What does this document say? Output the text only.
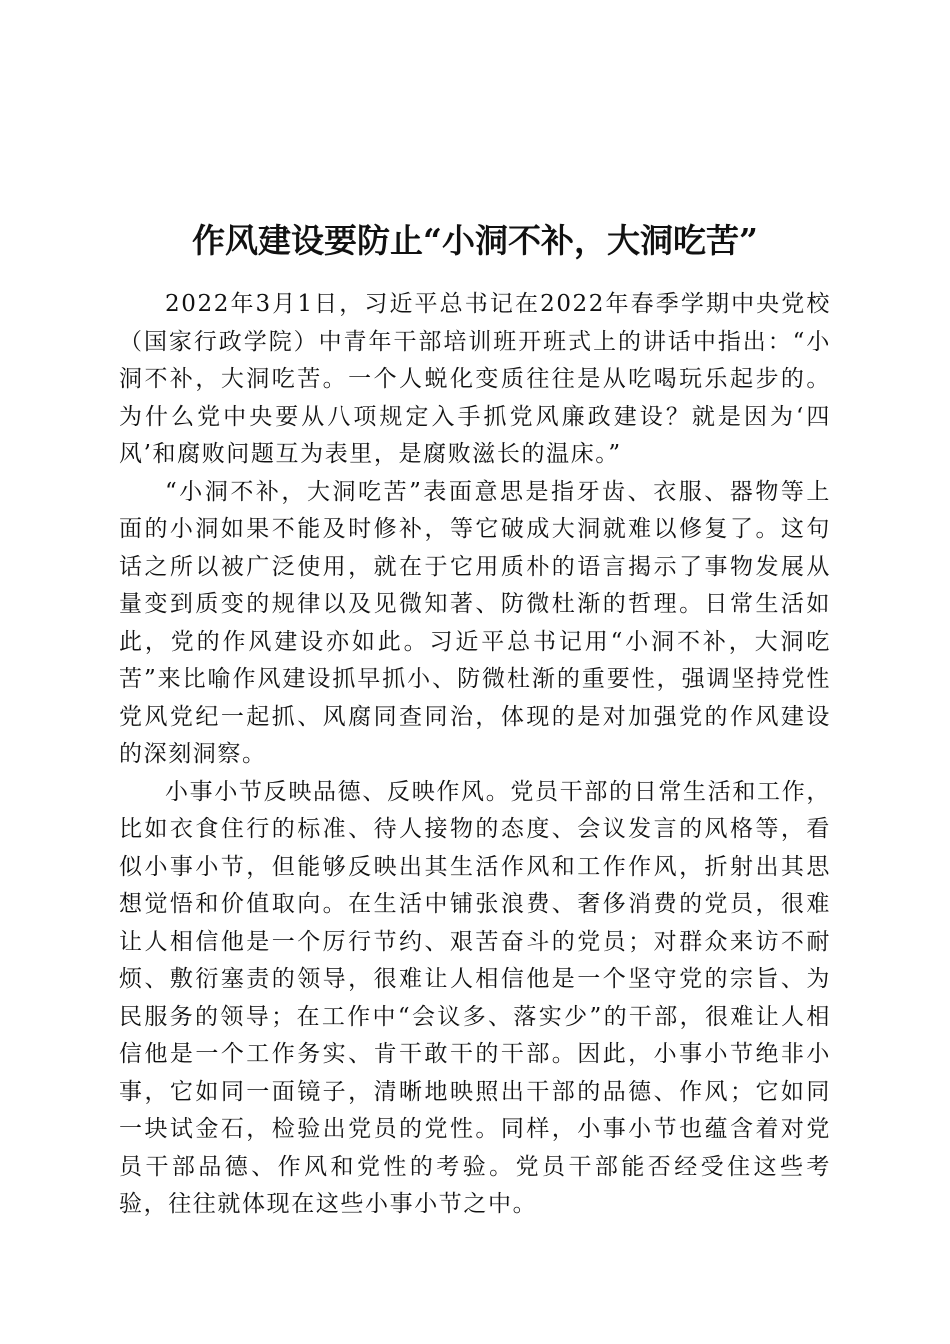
作风建设要防止“小洞不补，大洞吃苦”

2022年3月1日，习近平总书记在2022年春季学期中央党校（国家行政学院）中青年干部培训班开班式上的讲话中指出：“小洞不补，大洞吃苦。一个人蜕化变质往往是从吃喝玩乐起步的。为什么党中央要从八项规定入手抓党风廉政建设？就是因为‘四风’和腐败问题互为表里，是腐败滋长的温床。”

“小洞不补，大洞吃苦”表面意思是指牙齿、衣服、器物等上面的小洞如果不能及时修补，等它破成大洞就难以修复了。这句话之所以被广泛使用，就在于它用质朴的语言揭示了事物发展从量变到质变的规律以及见微知著、防微杜渐的哲理。日常生活如此，党的作风建设亦如此。习近平总书记用“小洞不补，大洞吃苦”来比喻作风建设抓早抓小、防微杜渐的重要性，强调坚持党性党风党纪一起抓、风腐同查同治，体现的是对加强党的作风建设的深刻洞察。

小事小节反映品德、反映作风。党员干部的日常生活和工作，比如衣食住行的标准、待人接物的态度、会议发言的风格等，看似小事小节，但能够反映出其生活作风和工作作风，折射出其思想觉悟和价值取向。在生活中铺张浪费、奢侈消费的党员，很难让人相信他是一个厉行节约、艰苦奋斗的党员；对群众来访不耐烦、敷衍塞责的领导，很难让人相信他是一个坚守党的宗旨、为民服务的领导；在工作中“会议多、落实少”的干部，很难让人相信他是一个工作务实、肯干敢干的干部。因此，小事小节绝非小事，它如同一面镜子，清晰地映照出干部的品德、作风；它如同一块试金石，检验出党员的党性。同样，小事小节也蕴含着对党员干部品德、作风和党性的考验。党员干部能否经受住这些考验，往往就体现在这些小事小节之中。
